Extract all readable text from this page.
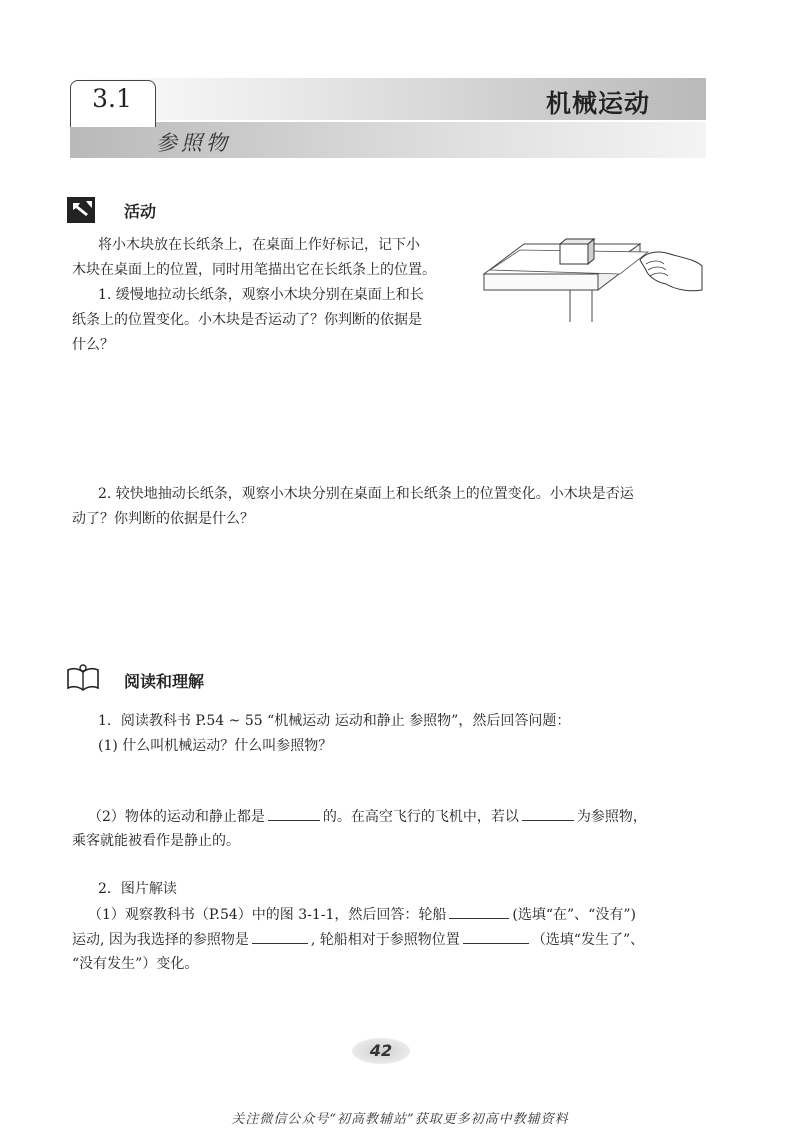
3.1	机械运动
参照物
活动
将小木块放在长纸条上，在桌面上作好标记，记下小
木块在桌面上的位置，同时用笔描出它在长纸条上的位置。
1. 缓慢地拉动长纸条，观察小木块分别在桌面上和长
纸条上的位置变化。小木块是否运动了？你判断的依据是
什么？
2. 较快地抽动长纸条，观察小木块分别在桌面上和长纸条上的位置变化。小木块是否运
动了？你判断的依据是什么？
阅读和理解
1．阅读教科书 P.54 ~ 55 “机械运动 运动和静止 参照物”，然后回答问题：
(1) 什么叫机械运动？什么叫参照物？
（2）物体的运动和静止都是	的。在高空飞行的飞机中，若以	为参照物，
乘客就能被看作是静止的。
2．图片解读
（1）观察教科书（P.54）中的图 3-1-1，然后回答：轮船	(选填“在”、“没有”)
运动, 因为我选择的参照物是	, 轮船相对于参照物位置	（选填“发生了”、
“没有发生”）变化。
42
关注微信公众号“初高教辅站”获取更多初高中教辅资料
